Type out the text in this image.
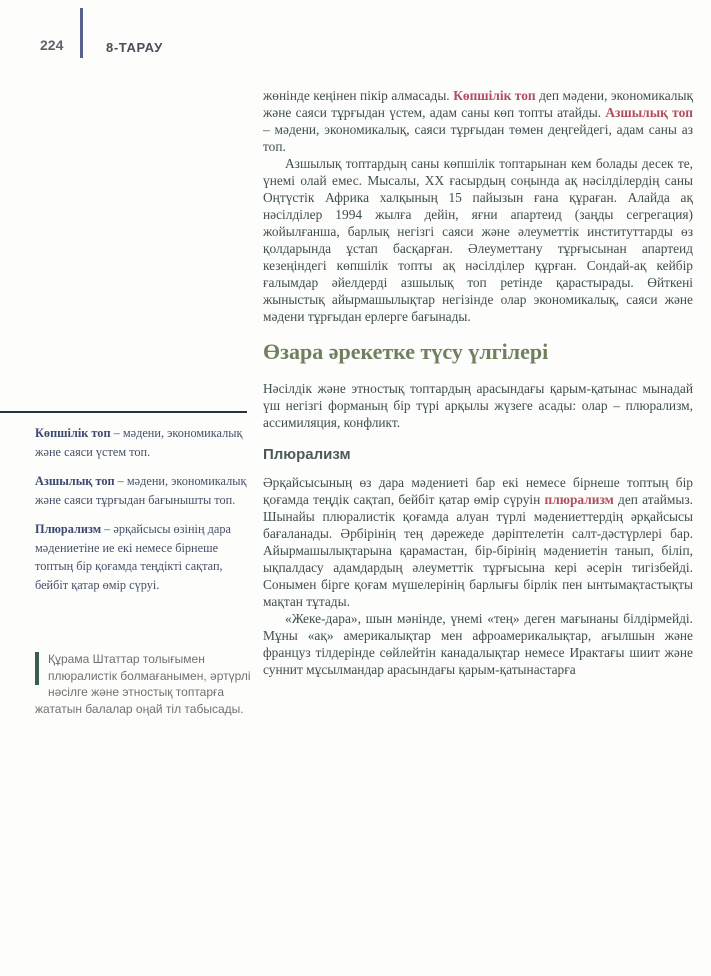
224	8-ТАРАУ

Көпшілік топ – мәдени, экономикалық және саяси үстем топ.

Азшылық топ – мәдени, экономикалық және саяси тұрғыдан бағынышты топ.

Плюрализм – әрқайсысы өзінің дара мәдениетіне ие екі немесе бірнеше топтың бір қоғамда теңдікті сақтап, бейбіт қатар өмір сүруі.

Құрама Штаттар толығымен плюралистік болмағанымен, әртүрлі нәсілге және этностық топтарға жататын балалар оңай тіл табысады.

жөнінде кеңінен пікір алмасады. Көпшілік топ деп мәдени, экономикалық және саяси тұрғыдан үстем, адам саны көп топты атайды. Азшылық топ – мәдени, экономикалық, саяси тұрғыдан төмен деңгейдегі, адам саны аз топ.

Азшылық топтардың саны көпшілік топтарынан кем болады десек те, үнемі олай емес. Мысалы, XX ғасырдың соңында ақ нәсілділердің саны Оңтүстік Африка халқының 15 пайызын ғана құраған. Алайда ақ нәсілділер 1994 жылға дейін, яғни апартеид (заңды сегрегация) жойылғанша, барлық негізгі саяси және әлеуметтік институттарды өз қолдарында ұстап басқарған. Әлеуметтану тұрғысынан апартеид кезеңіндегі көпшілік топты ақ нәсілділер құрған. Сондай-ақ кейбір ғалымдар әйелдерді азшылық топ ретінде қарастырады. Өйткені жыныстық айырмашылықтар негізінде олар экономикалық, саяси және мәдени тұрғыдан ерлерге бағынады.

Өзара әрекетке түсу үлгілері

Нәсілдік және этностық топтардың арасындағы қарым-қатынас мынадай үш негізгі форманың бір түрі арқылы жүзеге асады: олар – плюрализм, ассимиляция, конфликт.

Плюрализм

Әрқайсысының өз дара мәдениеті бар екі немесе бірнеше топтың бір қоғамда теңдік сақтап, бейбіт қатар өмір сүруін плюрализм деп атаймыз. Шынайы плюралистік қоғамда алуан түрлі мәдениеттердің әрқайсысы бағаланады. Әрбірінің тең дәрежеде дәріптелетін салт-дәстүрлері бар. Айырмашылықтарына қарамастан, бір-бірінің мәдениетін танып, біліп, ықпалдасу адамдардың әлеуметтік тұрғысына кері әсерін тигізбейді. Сонымен бірге қоғам мүшелерінің барлығы бірлік пен ынтымақтастықты мақтан тұтады.

«Жеке-дара», шын мәнінде, үнемі «тең» деген мағынаны білдірмейді. Мұны «ақ» америкалықтар мен афроамерикалықтар, ағылшын және француз тілдерінде сөйлейтін канадалықтар немесе Ирактағы шиит және суннит мұсылмандар арасындағы қарым-қатынастарға
